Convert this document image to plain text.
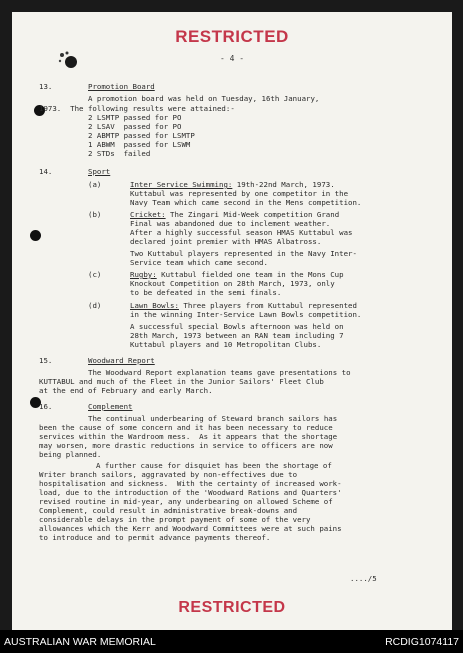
RESTRICTED
- 4 -
13.	Promotion Board
A promotion board was held on Tuesday, 16th January,
1973.  The following results were attained:-
2 LSMTP passed for PO
2 LSAV  passed for PO
2 ABMTP passed for LSMTP
1 ABWM  passed for LSWM
2 STDs  failed
14.	Sport
(a)	Inter Service Swimming: 19th-22nd March, 1973.
Kuttabul was represented by one competitor in the
Navy Team which came second in the Mens competition.
(b)	Cricket: The Zingari Mid-Week competition Grand
Final was abandoned due to inclement weather.
After a highly successful season HMAS Kuttabul was
declared joint premier with HMAS Albatross.
Two Kuttabul players represented in the Navy Inter-
Service team which came second.
(c)	Rugby: Kuttabul fielded one team in the Mons Cup
Knockout Competition on 28th March, 1973, only
to be defeated in the semi finals.
(d)	Lawn Bowls: Three players from Kuttabul represented
in the winning Inter-Service Lawn Bowls competition.
A successful special Bowls afternoon was held on
28th March, 1973 between an RAN team including 7
Kuttabul players and 10 Metropolitan Clubs.
15.	Woodward Report
The Woodward Report explanation teams gave presentations to
KUTTABUL and much of the Fleet in the Junior Sailors' Fleet Club
at the end of February and early March.
16.	Complement
The continual underbearing of Steward branch sailors has
been the cause of some concern and it has been necessary to reduce
services within the Wardroom mess.  As it appears that the shortage
may worsen, more drastic reductions in service to officers are now
being planned.
A further cause for disquiet has been the shortage of
Writer branch sailors, aggravated by non-effectives due to
hospitalisation and sickness.  With the certainty of increased work-
load, due to the introduction of the 'Woodward Rations and Quarters'
revised routine in mid-year, any underbearing on allowed Scheme of
Complement, could result in administrative break-downs and
considerable delays in the prompt payment of some of the very
allowances which the Kerr and Woodward Committees were at such pains
to introduce and to permit advance payments thereof.
..../5
RESTRICTED
AUSTRALIAN WAR MEMORIAL	RCDIG1074117
